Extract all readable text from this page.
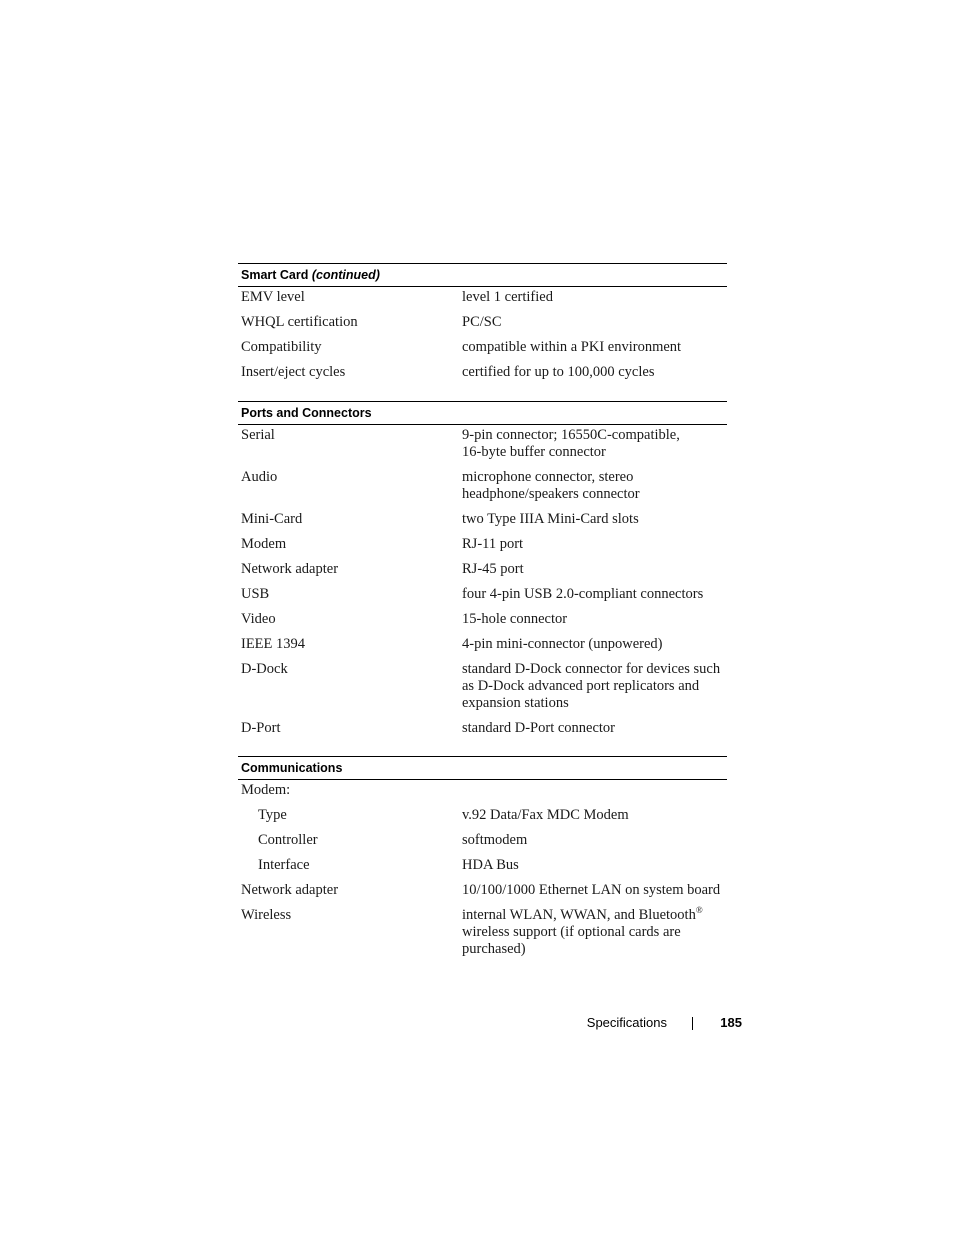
Smart Card (continued)
EMV level	level 1 certified
WHQL certification	PC/SC
Compatibility	compatible within a PKI environment
Insert/eject cycles	certified for up to 100,000 cycles
Ports and Connectors
Serial	9-pin connector; 16550C-compatible,
16-byte buffer connector
Audio	microphone connector, stereo
headphone/speakers connector
Mini-Card	two Type IIIA Mini-Card slots
Modem	RJ-11 port
Network adapter	RJ-45 port
USB	four 4-pin USB 2.0-compliant connectors
Video	15-hole connector
IEEE 1394	4-pin mini-connector (unpowered)
D-Dock	standard D-Dock connector for devices such
as D-Dock advanced port replicators and
expansion stations
D-Port	standard D-Port connector
Communications
Modem:
Type	v.92 Data/Fax MDC Modem
Controller	softmodem
Interface	HDA Bus
Network adapter	10/100/1000 Ethernet LAN on system board
Wireless	internal WLAN, WWAN, and Bluetooth®
wireless support (if optional cards are
purchased)
Specifications	185
